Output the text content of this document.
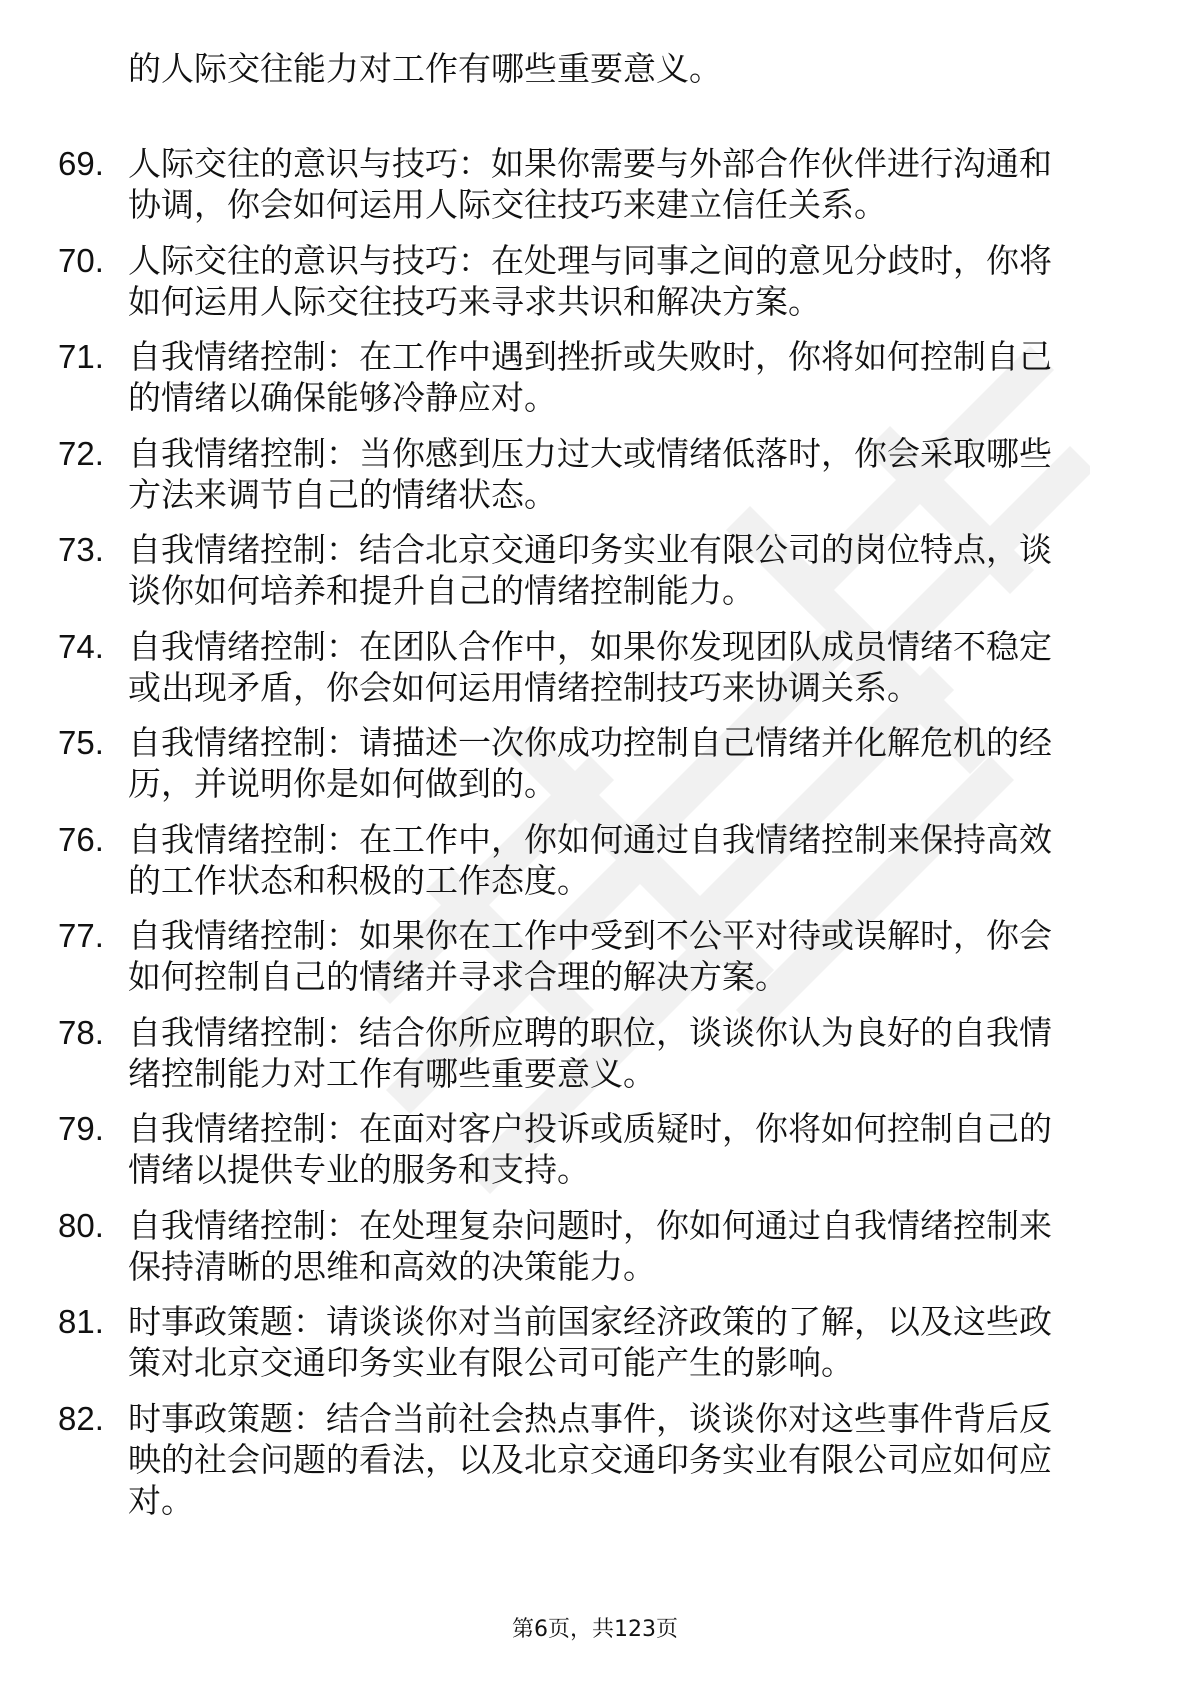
的人际交往能力对工作有哪些重要意义。
69. 人际交往的意识与技巧：如果你需要与外部合作伙伴进行沟通和
协调，你会如何运用人际交往技巧来建立信任关系。
70. 人际交往的意识与技巧：在处理与同事之间的意见分歧时，你将
如何运用人际交往技巧来寻求共识和解决方案。
71. 自我情绪控制：在工作中遇到挫折或失败时，你将如何控制自己
的情绪以确保能够冷静应对。
72. 自我情绪控制：当你感到压力过大或情绪低落时，你会采取哪些
方法来调节自己的情绪状态。
73. 自我情绪控制：结合北京交通印务实业有限公司的岗位特点，谈
谈你如何培养和提升自己的情绪控制能力。
74. 自我情绪控制：在团队合作中，如果你发现团队成员情绪不稳定
或出现矛盾，你会如何运用情绪控制技巧来协调关系。
75. 自我情绪控制：请描述一次你成功控制自己情绪并化解危机的经
历，并说明你是如何做到的。
76. 自我情绪控制：在工作中，你如何通过自我情绪控制来保持高效
的工作状态和积极的工作态度。
77. 自我情绪控制：如果你在工作中受到不公平对待或误解时，你会
如何控制自己的情绪并寻求合理的解决方案。
78. 自我情绪控制：结合你所应聘的职位，谈谈你认为良好的自我情
绪控制能力对工作有哪些重要意义。
79. 自我情绪控制：在面对客户投诉或质疑时，你将如何控制自己的
情绪以提供专业的服务和支持。
80. 自我情绪控制：在处理复杂问题时，你如何通过自我情绪控制来
保持清晰的思维和高效的决策能力。
81. 时事政策题：请谈谈你对当前国家经济政策的了解，以及这些政
策对北京交通印务实业有限公司可能产生的影响。
82. 时事政策题：结合当前社会热点事件，谈谈你对这些事件背后反
映的社会问题的看法，以及北京交通印务实业有限公司应如何应
对。
第6页，共123页
